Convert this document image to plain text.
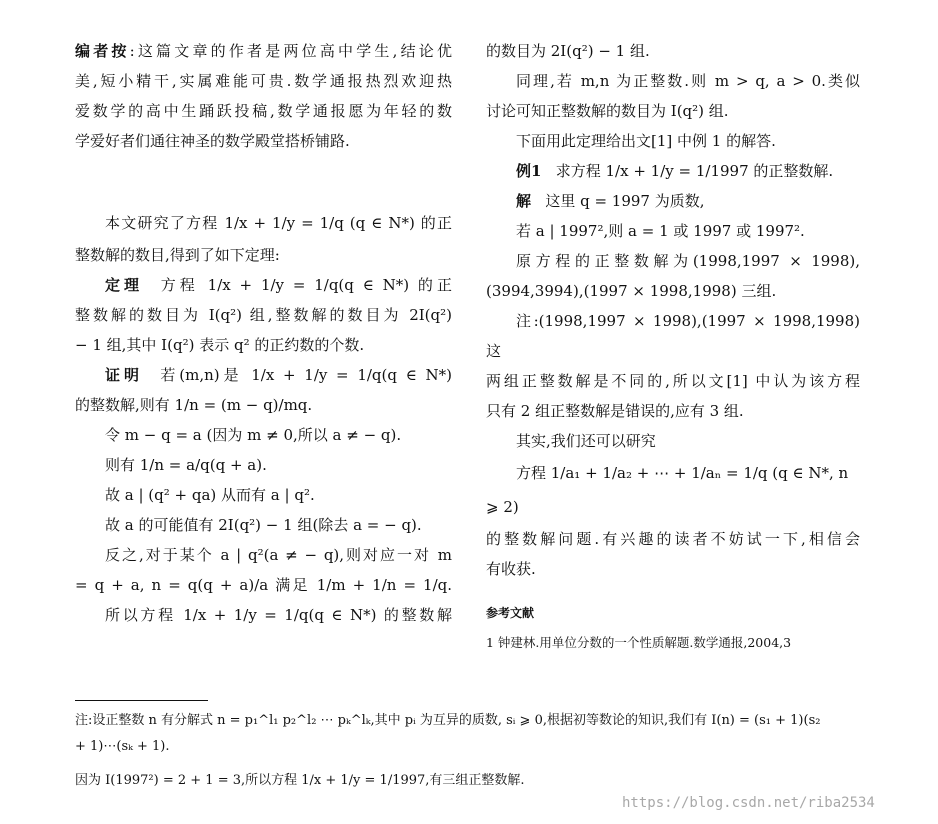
编者按:这篇文章的作者是两位高中学生,结论优

美,短小精干,实属难能可贵.数学通报热烈欢迎热

爱数学的高中生踊跃投稿,数学通报愿为年轻的数

学爱好者们通往神圣的数学殿堂搭桥铺路.

本文研究了方程 1/x + 1/y = 1/q (q ∈ N*) 的正

整数解的数目,得到了如下定理:

定理 方程 1/x + 1/y = 1/q(q ∈ N*) 的正

整数解的数目为 I(q²) 组,整数解的数目为 2I(q²)

− 1 组,其中 I(q²) 表示 q² 的正约数的个数.

证明 若(m,n)是 1/x + 1/y = 1/q(q ∈ N*)

的整数解,则有 1/n = (m − q)/mq.

令 m − q = a (因为 m ≠ 0,所以 a ≠ − q).

则有 1/n = a/q(q + a).

故 a | (q² + qa) 从而有 a | q².

故 a 的可能值有 2I(q²) − 1 组(除去 a = − q).

反之,对于某个 a | q²(a ≠ − q),则对应一对 m

= q + a, n = q(q + a)/a 满足 1/m + 1/n = 1/q.

所以方程 1/x + 1/y = 1/q(q ∈ N*) 的整数解

的数目为 2I(q²) − 1 组.

同理,若 m,n 为正整数.则 m > q, a > 0.类似

讨论可知正整数解的数目为 I(q²) 组.

下面用此定理给出文[1] 中例 1 的解答.

例1 求方程 1/x + 1/y = 1/1997 的正整数解.

解 这里 q = 1997 为质数,

若 a | 1997²,则 a = 1 或 1997 或 1997².

原方程的正整数解为(1998,1997 × 1998),

(3994,3994),(1997 × 1998,1998) 三组.

注:(1998,1997 × 1998),(1997 × 1998,1998) 这

两组正整数解是不同的,所以文[1] 中认为该方程

只有 2 组正整数解是错误的,应有 3 组.

其实,我们还可以研究

方程 1/a₁ + 1/a₂ + ⋯ + 1/aₙ = 1/q (q ∈ N*, n ⩾ 2)

的整数解问题.有兴趣的读者不妨试一下,相信会

有收获.

参考文献

1 钟建林.用单位分数的一个性质解题.数学通报,2004,3

注:设正整数 n 有分解式 n = p₁^l₁ p₂^l₂ ⋯ pₖ^lₖ,其中 pᵢ 为互异的质数, sᵢ ⩾ 0,根据初等数论的知识,我们有 I(n) = (s₁ + 1)(s₂

+ 1)⋯(sₖ + 1).

因为 I(1997²) = 2 + 1 = 3,所以方程 1/x + 1/y = 1/1997,有三组正整数解.

https://blog.csdn.net/riba2534
